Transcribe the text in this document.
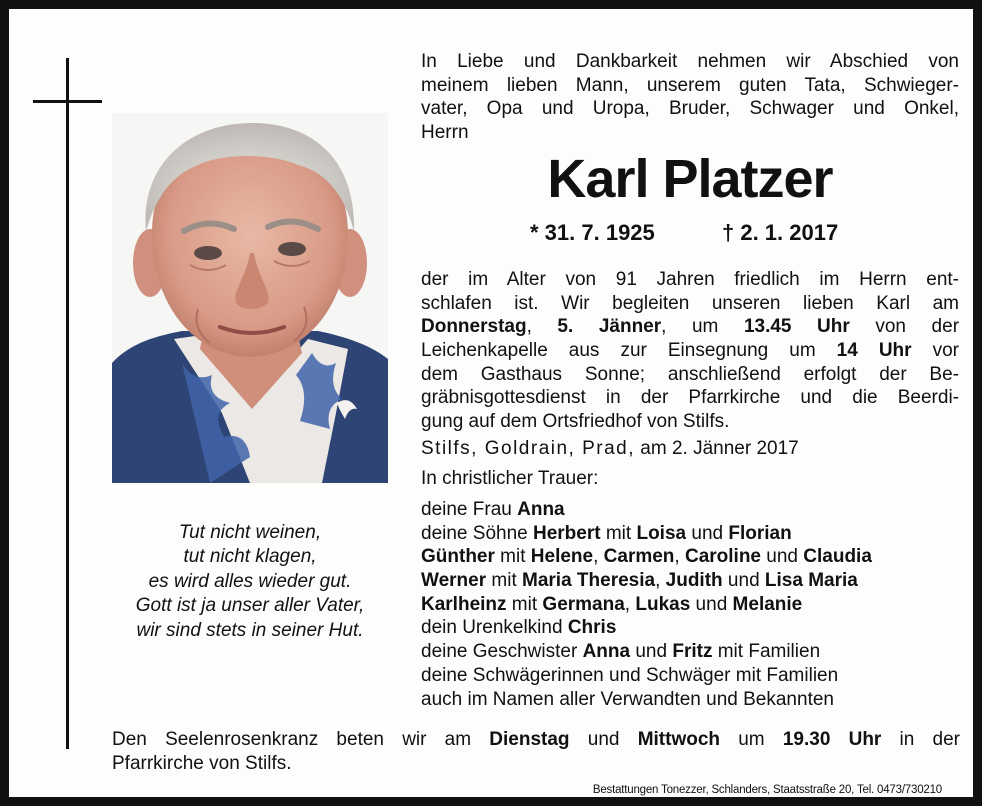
Tut nicht weinen,
tut nicht klagen,
es wird alles wieder gut.
Gott ist ja unser aller Vater,
wir sind stets in seiner Hut.
In Liebe und Dankbarkeit nehmen wir Abschied von
meinem lieben Mann, unserem guten Tata, Schwieger-
vater, Opa und Uropa, Bruder, Schwager und Onkel,
Herrn
Karl Platzer
* 31. 7. 1925	† 2. 1. 2017
der im Alter von 91 Jahren friedlich im Herrn ent-
schlafen ist. Wir begleiten unseren lieben Karl am
Donnerstag, 5. Jänner, um 13.45 Uhr von der
Leichenkapelle aus zur Einsegnung um 14 Uhr vor
dem Gasthaus Sonne; anschließend erfolgt der Be-
gräbnisgottesdienst in der Pfarrkirche und die Beerdi-
gung auf dem Ortsfriedhof von Stilfs.
Stilfs, Goldrain, Prad, am 2. Jänner 2017
In christlicher Trauer:
deine Frau Anna
deine Söhne Herbert mit Loisa und Florian
Günther mit Helene, Carmen, Caroline und Claudia
Werner mit Maria Theresia, Judith und Lisa Maria
Karlheinz mit Germana, Lukas und Melanie
dein Urenkelkind Chris
deine Geschwister Anna und Fritz mit Familien
deine Schwägerinnen und Schwäger mit Familien
auch im Namen aller Verwandten und Bekannten
Den Seelenrosenkranz beten wir am Dienstag und Mittwoch um 19.30 Uhr in der
Pfarrkirche von Stilfs.
Bestattungen Tonezzer, Schlanders, Staatsstraße 20, Tel. 0473/730210
